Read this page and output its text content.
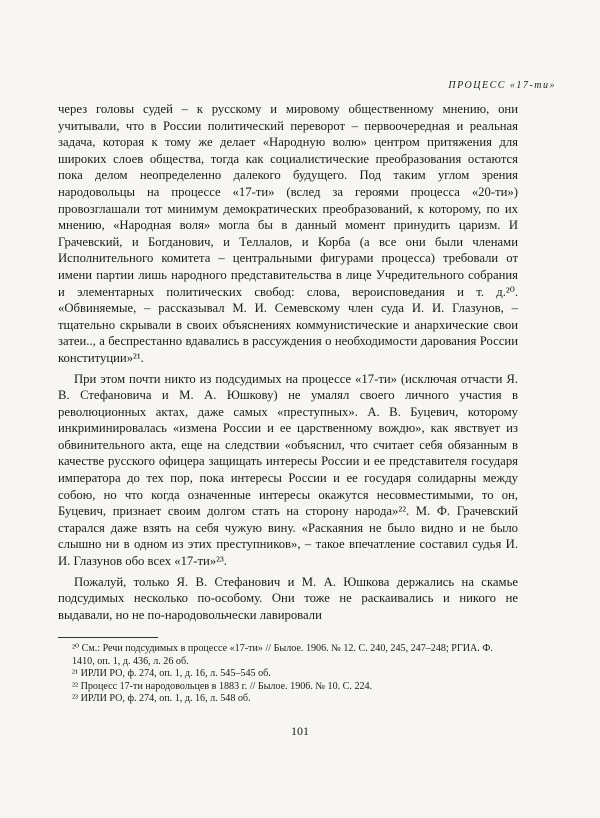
ПРОЦЕСС «17-ти»

через головы судей – к русскому и мировому общественному мнению, они учитывали, что в России политический переворот – первоочередная и реальная задача, которая к тому же делает «Народную волю» центром притяжения для широких слоев общества, тогда как социалистические преобразования остаются пока делом неопределенно далекого будущего. Под таким углом зрения народовольцы на процессе «17-ти» (вслед за героями процесса «20-ти») провозглашали тот минимум демократических преобразований, к которому, по их мнению, «Народная воля» могла бы в данный момент принудить царизм. И Грачевский, и Богданович, и Теллалов, и Корба (а все они были членами Исполнительного комитета – центральными фигурами процесса) требовали от имени партии лишь народного представительства в лице Учредительного собрания и элементарных политических свобод: слова, вероисповедания и т. д.²⁰. «Обвиняемые, – рассказывал М. И. Семевскому член суда И. И. Глазунов, – тщательно скрывали в своих объяснениях коммунистические и анархические свои затеи.., а беспрестанно вдавались в рассуждения о необходимости дарования России конституции»²¹.

При этом почти никто из подсудимых на процессе «17-ти» (исключая отчасти Я. В. Стефановича и М. А. Юшкову) не умалял своего личного участия в революционных актах, даже самых «преступных». А. В. Буцевич, которому инкриминировалась «измена России и ее царственному вождю», как явствует из обвинительного акта, еще на следствии «объяснил, что считает себя обязанным в качестве русского офицера защищать интересы России и ее представителя государя императора до тех пор, пока интересы России и ее государя солидарны между собою, но что когда означенные интересы окажутся несовместимыми, то он, Буцевич, признает своим долгом стать на сторону народа»²². М. Ф. Грачевский старался даже взять на себя чужую вину. «Раскаяния не было видно и не было слышно ни в одном из этих преступников», – такое впечатление составил судья И. И. Глазунов обо всех «17-ти»²³.

Пожалуй, только Я. В. Стефанович и М. А. Юшкова держались на скамье подсудимых несколько по-особому. Они тоже не раскаивались и никого не выдавали, но не по-народовольчески лавировали

²⁰ См.: Речи подсудимых в процессе «17-ти» // Былое. 1906. № 12. С. 240, 245, 247–248; РГИА. Ф. 1410, оп. 1, д. 436, л. 26 об.

²¹ ИРЛИ РО, ф. 274, оп. 1, д. 16, л. 545–545 об.

²² Процесс 17-ти народовольцев в 1883 г. // Былое. 1906. № 10. С. 224.

²³ ИРЛИ РО, ф. 274, оп. 1, д. 16, л. 548 об.

101
